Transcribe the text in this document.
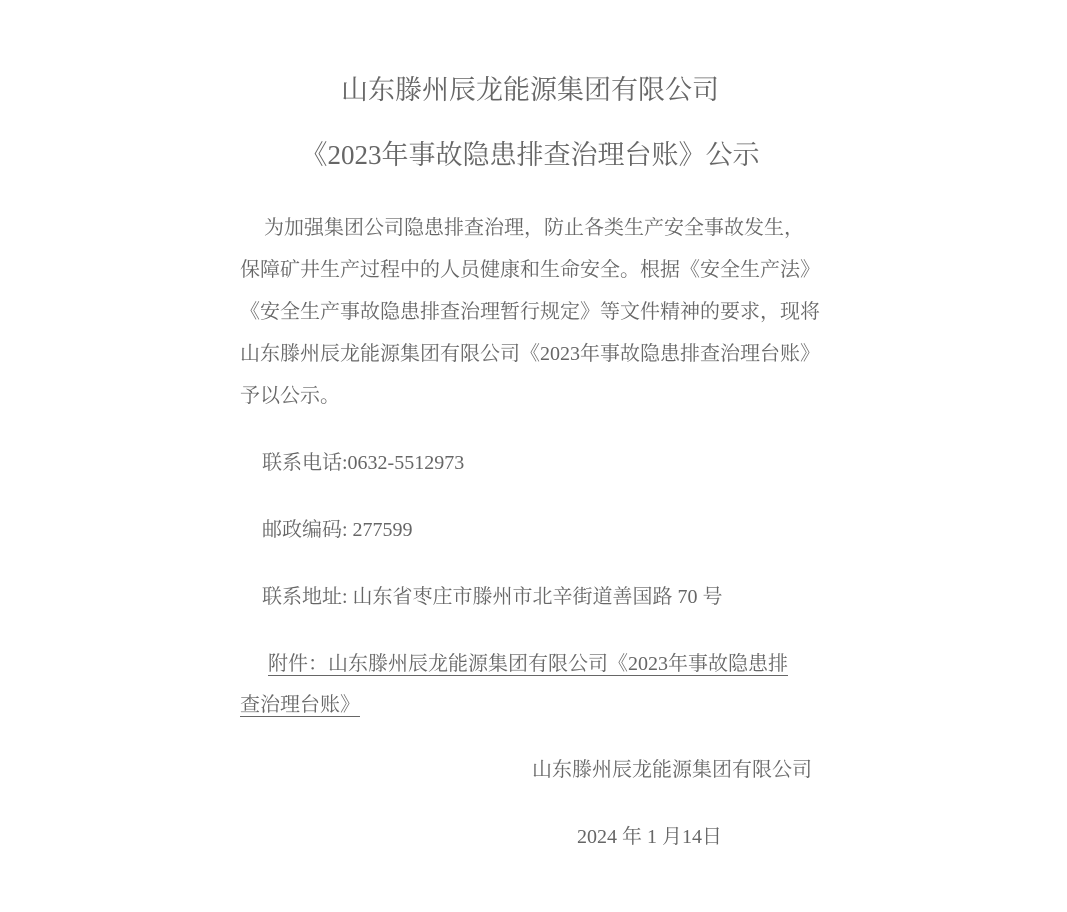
山东滕州辰龙能源集团有限公司
《2023年事故隐患排查治理台账》公示
为加强集团公司隐患排查治理，防止各类生产安全事故发生，
保障矿井生产过程中的人员健康和生命安全。根据《安全生产法》
《安全生产事故隐患排查治理暂行规定》等文件精神的要求，现将
山东滕州辰龙能源集团有限公司《2023年事故隐患排查治理台账》
予以公示。
联系电话:0632-5512973
邮政编码: 277599
联系地址: 山东省枣庄市滕州市北辛街道善国路 70 号
附件：山东滕州辰龙能源集团有限公司《2023年事故隐患排
查治理台账》
山东滕州辰龙能源集团有限公司
2024 年 1 月14日
